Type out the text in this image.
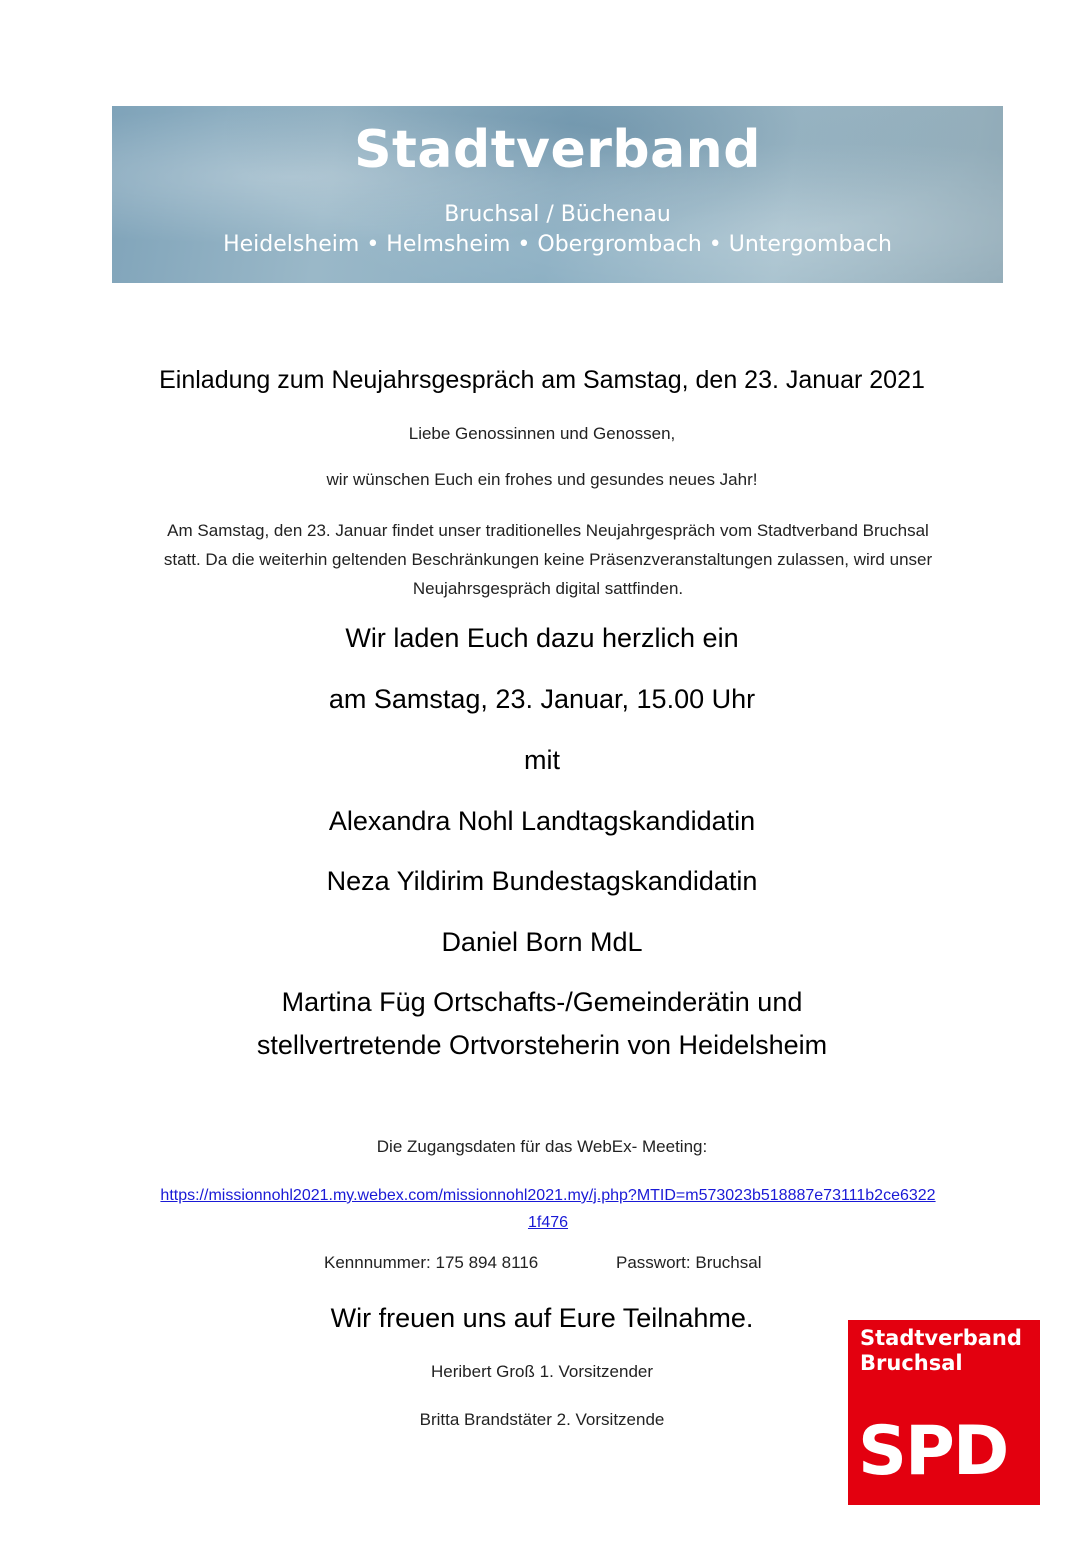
Stadtverband
Bruchsal / Büchenau
Heidelsheim • Helmsheim • Obergrombach • Untergombach
Einladung zum Neujahrsgespräch am Samstag, den 23. Januar 2021
Liebe Genossinnen und Genossen,
wir wünschen Euch ein frohes und gesundes neues Jahr!
Am Samstag, den 23. Januar findet unser traditionelles Neujahrgespräch vom Stadtverband Bruchsal
statt. Da die weiterhin geltenden Beschränkungen keine Präsenzveranstaltungen zulassen, wird unser
Neujahrsgespräch digital sattfinden.
Wir laden Euch dazu herzlich ein
am Samstag, 23. Januar, 15.00 Uhr
mit
Alexandra Nohl Landtagskandidatin
Neza Yildirim Bundestagskandidatin
Daniel Born MdL
Martina Füg Ortschafts-/Gemeinderätin und
stellvertretende Ortvorsteherin von Heidelsheim
Die Zugangsdaten für das WebEx- Meeting:
https://missionnohl2021.my.webex.com/missionnohl2021.my/j.php?MTID=m573023b518887e73111b2ce6322
1f476
Kennnummer: 175 894 8116	Passwort: Bruchsal
Wir freuen uns auf Eure Teilnahme.
Heribert Groß 1. Vorsitzender
Britta Brandstäter 2. Vorsitzende
Stadtverband
Bruchsal
SPD
